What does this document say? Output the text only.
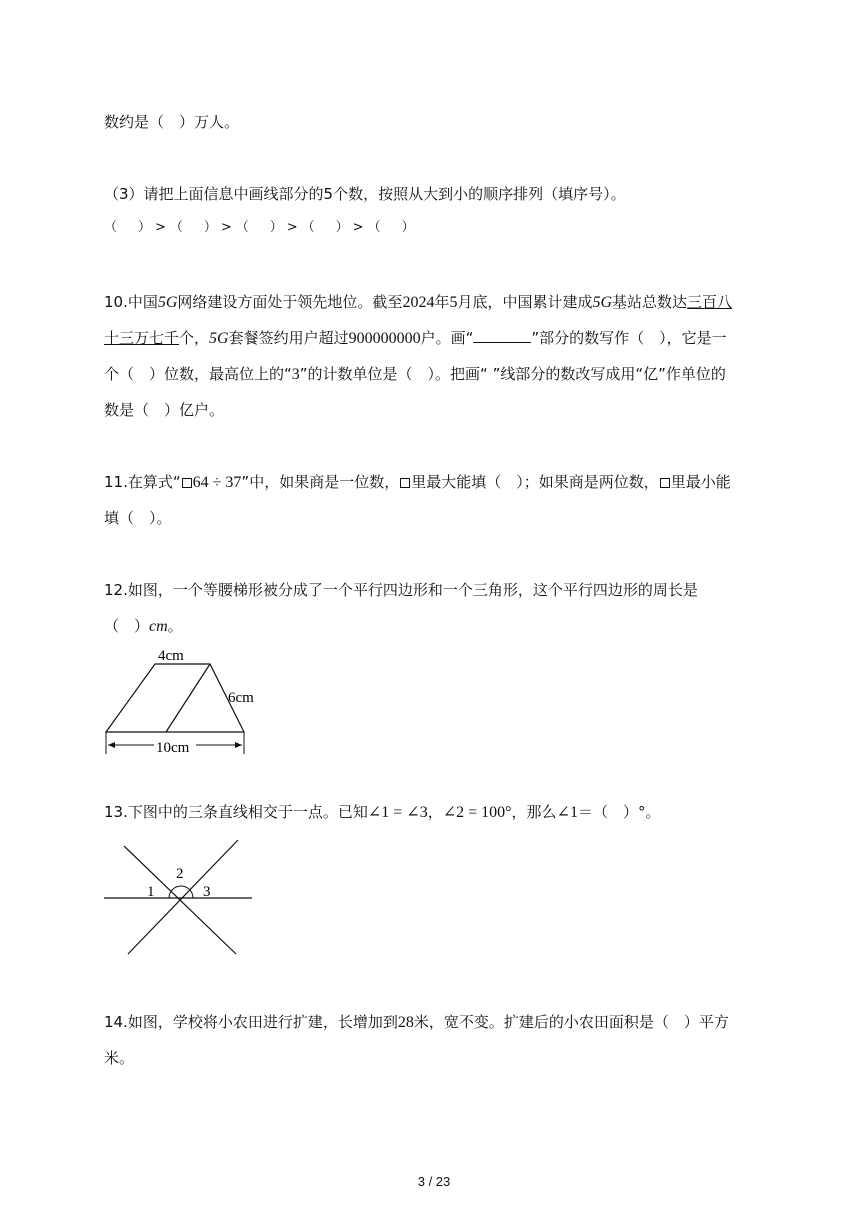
数约是（　）万人。
（3）请把上面信息中画线部分的5个数，按照从大到小的顺序排列（填序号）。
（　）>（　）>（　）>（　）>（　）
10.中国5G网络建设方面处于领先地位。截至2024年5月底，中国累计建成5G基站总数达三百八
十三万七千个，5G套餐签约用户超过900000000户。画“	”部分的数写作（　），它是一
个（　）位数，最高位上的“3”的计数单位是（　）。把画“ ”线部分的数改写成用“亿”作单位的
数是（　）亿户。
11.在算式“ 64 ÷ 37”中，如果商是一位数， 里最大能填（　）；如果商是两位数， 里最小能
填（　）。
12.如图，一个等腰梯形被分成了一个平行四边形和一个三角形，这个平行四边形的周长是
（　）cm。
4cm
6cm
10cm
13.下图中的三条直线相交于一点。已知∠1 = ∠3，∠2 = 100°，那么∠1＝（　）°。
1
2
3
14.如图，学校将小农田进行扩建，长增加到28米，宽不变。扩建后的小农田面积是（　）平方
米。
3 / 23
